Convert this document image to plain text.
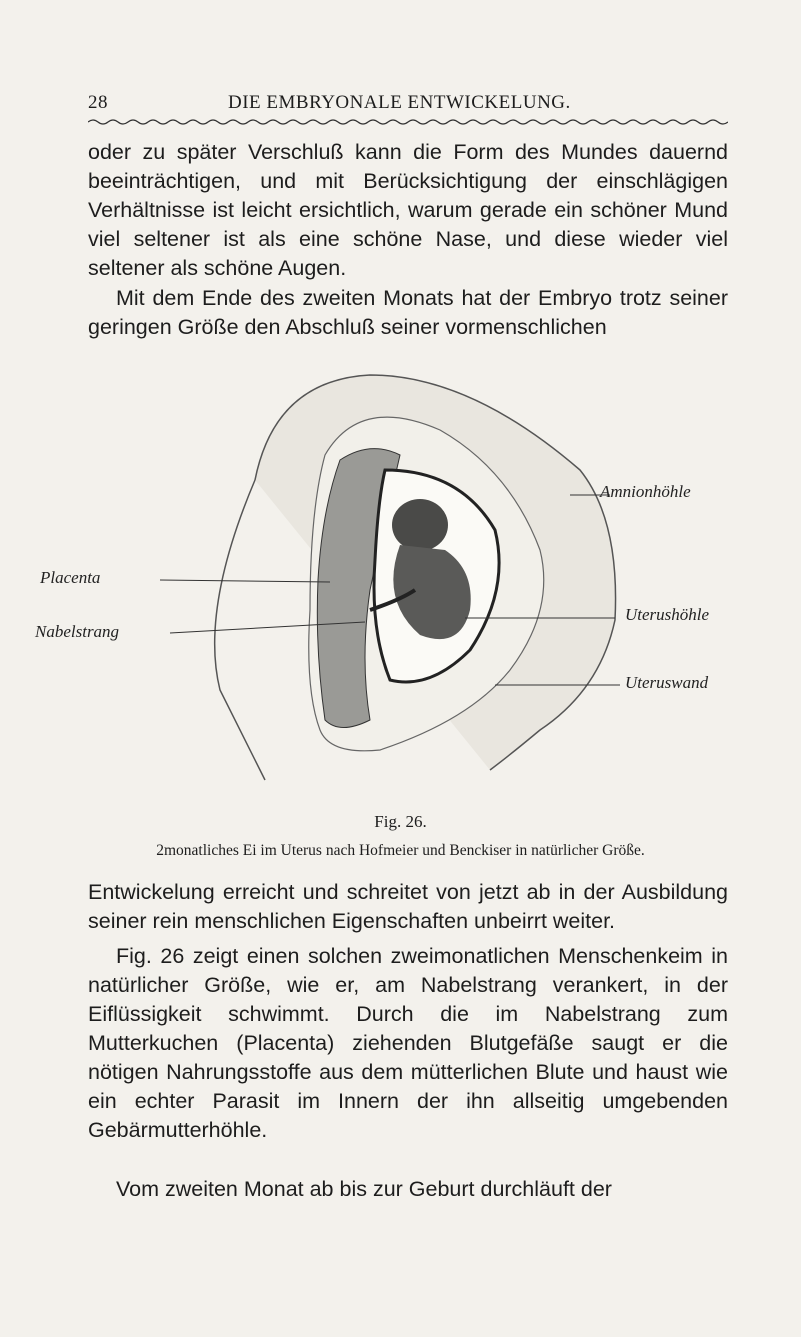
28	DIE EMBRYONALE ENTWICKELUNG.

oder zu später Verschluß kann die Form des Mundes dauernd beeinträchtigen, und mit Berücksichtigung der einschlägigen Verhältnisse ist leicht ersichtlich, warum gerade ein schöner Mund viel seltener ist als eine schöne Nase, und diese wieder viel seltener als schöne Augen.

Mit dem Ende des zweiten Monats hat der Embryo trotz seiner geringen Größe den Abschluß seiner vormenschlichen

Amnionhöhle
Placenta
Uterushöhle
Nabelstrang
Uteruswand
Fig. 26.
2monatliches Ei im Uterus nach Hofmeier und Benckiser in natürlicher Größe.

Entwickelung erreicht und schreitet von jetzt ab in der Ausbildung seiner rein menschlichen Eigenschaften unbeirrt weiter.

Fig. 26 zeigt einen solchen zweimonatlichen Menschenkeim in natürlicher Größe, wie er, am Nabelstrang verankert, in der Eiflüssigkeit schwimmt. Durch die im Nabelstrang zum Mutterkuchen (Placenta) ziehenden Blutgefäße saugt er die nötigen Nahrungsstoffe aus dem mütterlichen Blute und haust wie ein echter Parasit im Innern der ihn allseitig umgebenden Gebärmutterhöhle.

Vom zweiten Monat ab bis zur Geburt durchläuft der
